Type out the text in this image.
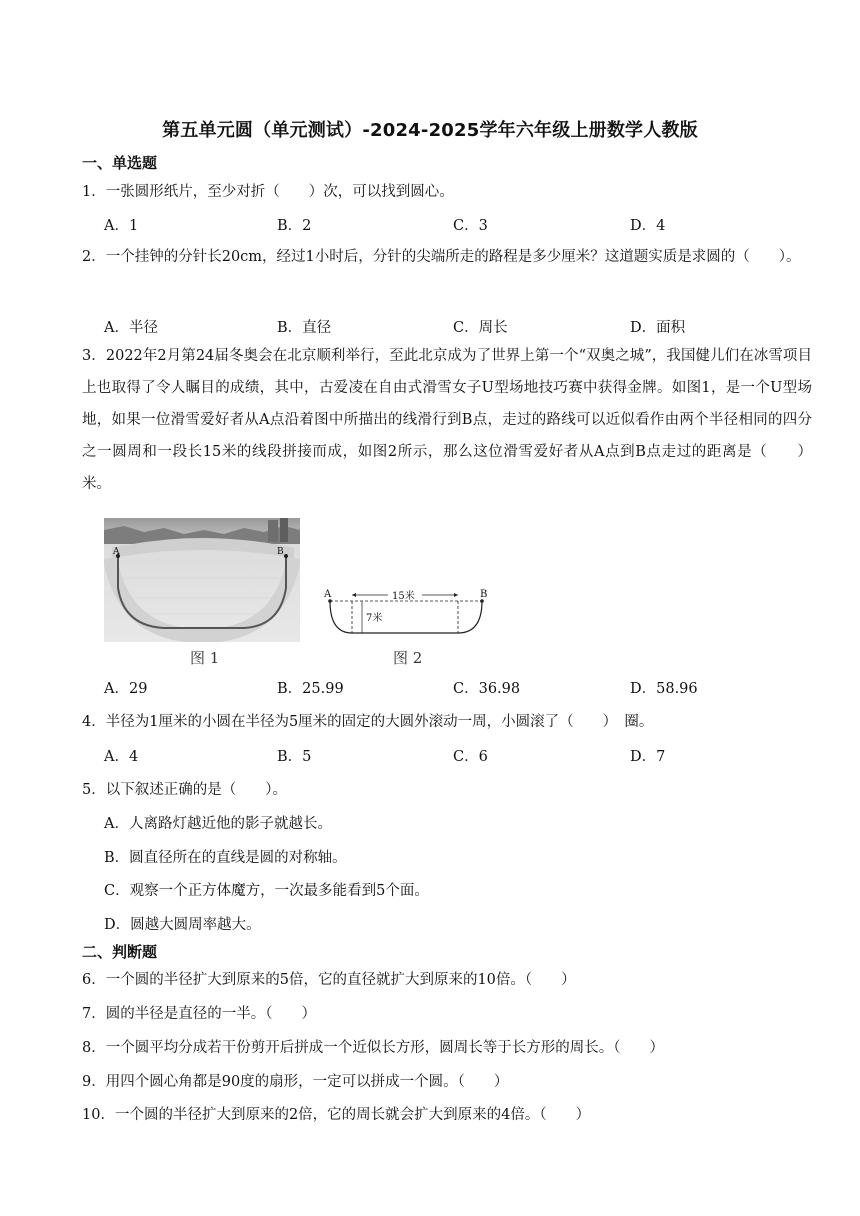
第五单元圆（单元测试）-2024-2025学年六年级上册数学人教版
一、单选题
1．一张圆形纸片，至少对折（　　）次，可以找到圆心。
A．1	B．2	C．3	D．4
2．一个挂钟的分针长20cm，经过1小时后，分针的尖端所走的路程是多少厘米？这道题实质是求圆的（　　）。
A．半径	B．直径	C．周长	D．面积
3．2022年2月第24届冬奥会在北京顺利举行，至此北京成为了世界上第一个“双奥之城”，我国健儿们在冰雪项目上也取得了令人瞩目的成绩，其中，古爱凌在自由式滑雪女子U型场地技巧赛中获得金牌。如图1，是一个U型场地，如果一位滑雪爱好者从A点沿着图中所描出的线滑行到B点，走过的路线可以近似看作由两个半径相同的四分之一圆周和一段长15米的线段拼接而成，如图2所示，那么这位滑雪爱好者从A点到B点走过的距离是（　　）米。
A	B
图 1
15米
7米
A	B
图 2
A．29	B．25.99	C．36.98	D．58.96
4．半径为1厘米的小圆在半径为5厘米的固定的大圆外滚动一周，小圆滚了（　　）　圈。
A．4	B．5	C．6	D．7
5．以下叙述正确的是（　　）。
A．人离路灯越近他的影子就越长。
B．圆直径所在的直线是圆的对称轴。
C．观察一个正方体魔方，一次最多能看到5个面。
D．圆越大圆周率越大。
二、判断题
6．一个圆的半径扩大到原来的5倍，它的直径就扩大到原来的10倍。（　　）
7．圆的半径是直径的一半。（　　）
8．一个圆平均分成若干份剪开后拼成一个近似长方形，圆周长等于长方形的周长。（　　）
9．用四个圆心角都是90度的扇形，一定可以拼成一个圆。（　　）
10．一个圆的半径扩大到原来的2倍，它的周长就会扩大到原来的4倍。（　　）
